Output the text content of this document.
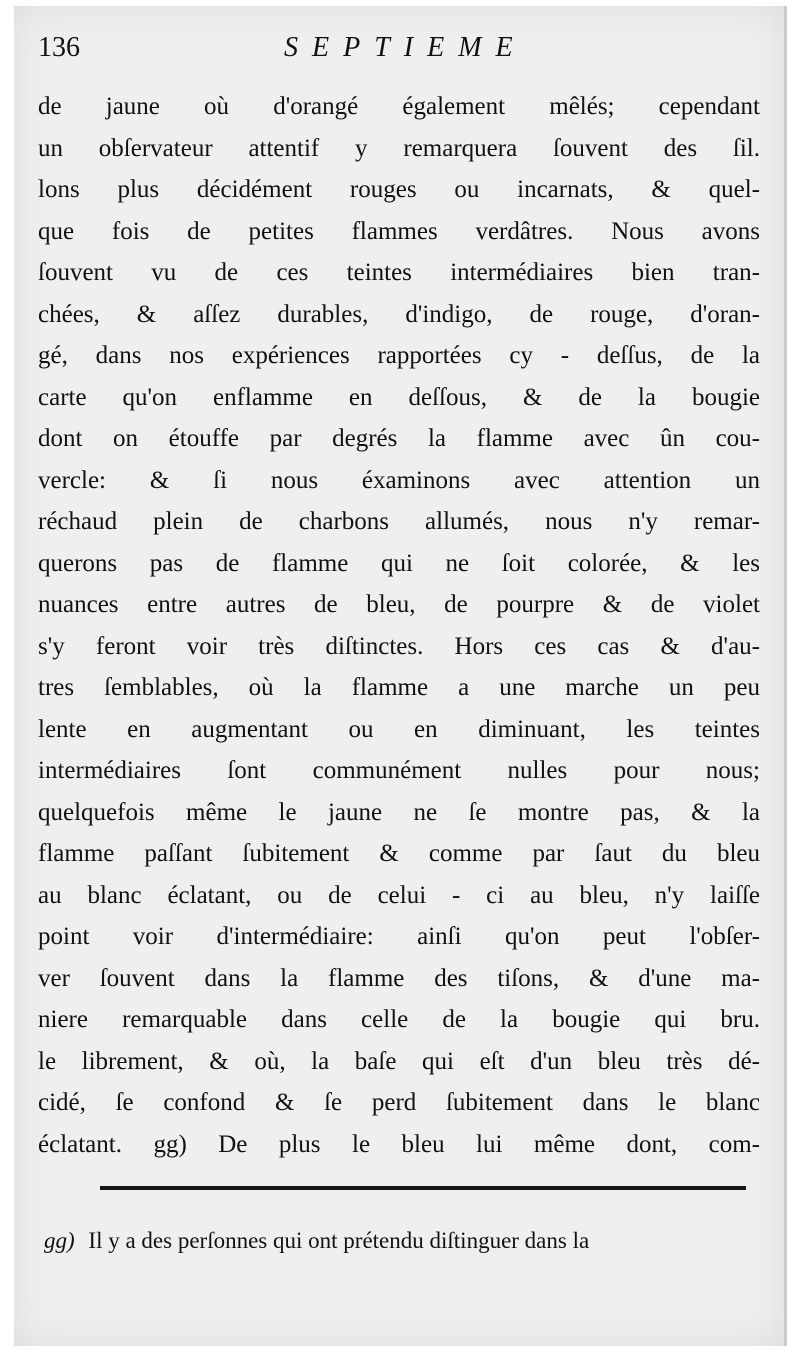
136	SEPTIEME
de jaune où d'orangé également mêlés; cependant
un obſervateur attentif y remarquera ſouvent des ſil.
lons plus décidément rouges ou incarnats, & quel-
que fois de petites flammes verdâtres. Nous avons
ſouvent vu de ces teintes intermédiaires bien tran-
chées, & aſſez durables, d'indigo, de rouge, d'oran-
gé, dans nos expériences rapportées cy - deſſus, de la
carte qu'on enflamme en deſſous, & de la bougie
dont on étouffe par degrés la flamme avec ûn cou-
vercle: & ſi nous éxaminons avec attention un
réchaud plein de charbons allumés, nous n'y remar-
querons pas de flamme qui ne ſoit colorée, & les
nuances entre autres de bleu, de pourpre & de violet
s'y feront voir très diſtinctes. Hors ces cas & d'au-
tres ſemblables, où la flamme a une marche un peu
lente en augmentant ou en diminuant, les teintes
intermédiaires ſont communément nulles pour nous;
quelquefois même le jaune ne ſe montre pas, & la
flamme paſſant ſubitement & comme par ſaut du bleu
au blanc éclatant, ou de celui - ci au bleu, n'y laiſſe
point voir d'intermédiaire: ainſi qu'on peut l'obſer-
ver ſouvent dans la flamme des tiſons, & d'une ma-
niere remarquable dans celle de la bougie qui bru.
le librement, & où, la baſe qui eſt d'un bleu très dé-
cidé, ſe confond & ſe perd ſubitement dans le blanc
éclatant. gg) De plus le bleu lui même dont, com-
gg) Il y a des perſonnes qui ont prétendu diſtinguer dans la
